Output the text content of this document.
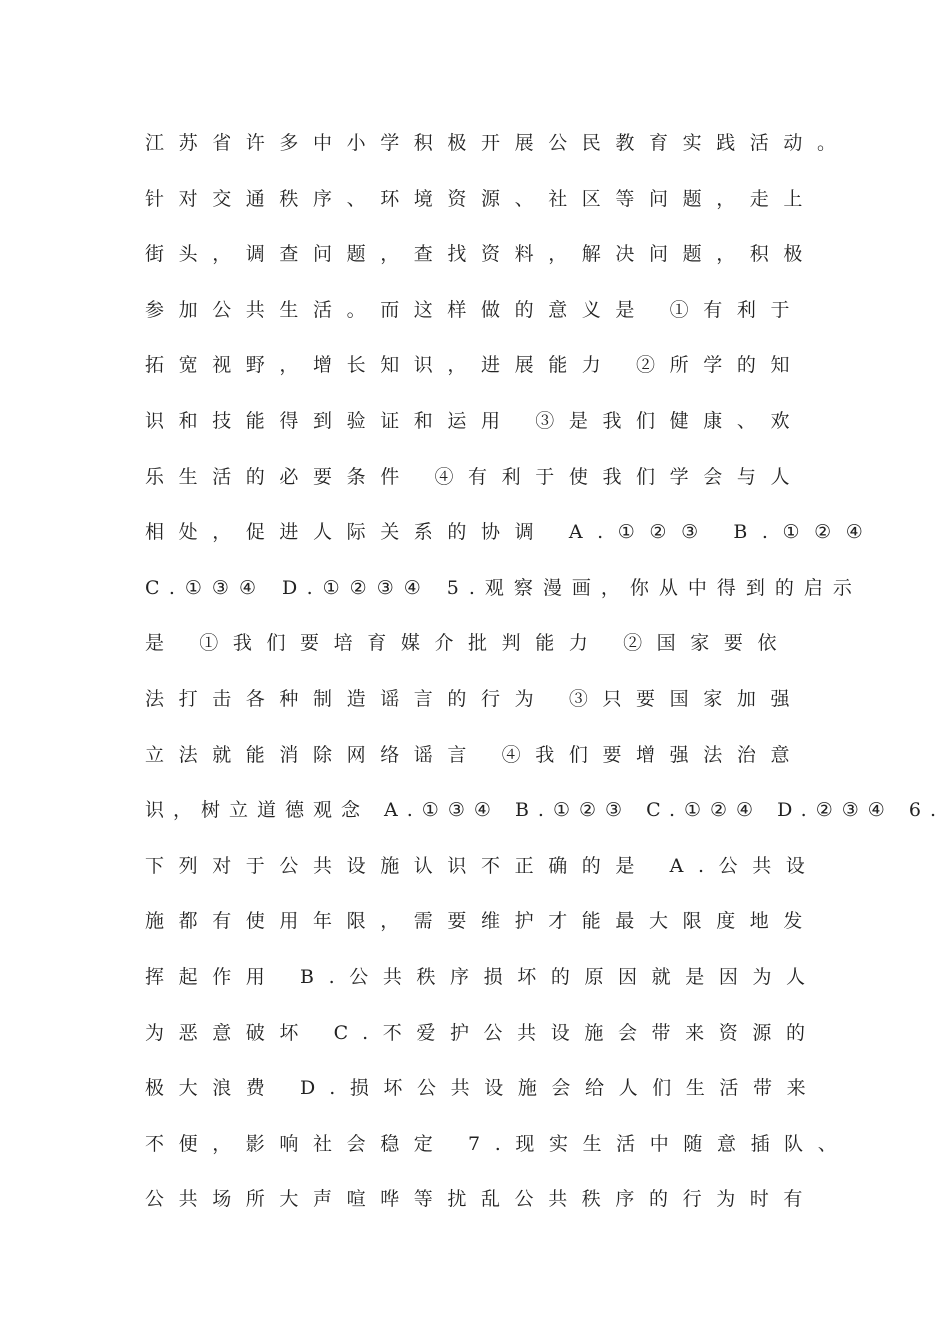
江苏省许多中小学积极开展公民教育实践活动。
针对交通秩序、环境资源、社区等问题，走上
街头，调查问题，查找资料，解决问题，积极
参加公共生活。而这样做的意义是 ①有利于
拓宽视野，增长知识，进展能力 ②所学的知
识和技能得到验证和运用 ③是我们健康、欢
乐生活的必要条件 ④有利于使我们学会与人
相处，促进人际关系的协调 A.①②③ B.①②④
C.①③④ D.①②③④ 5.观察漫画，你从中得到的启示
是 ①我们要培育媒介批判能力 ②国家要依
法打击各种制造谣言的行为 ③只要国家加强
立法就能消除网络谣言 ④我们要增强法治意
识，树立道德观念 A.①③④ B.①②③ C.①②④ D.②③④ 6.
下列对于公共设施认识不正确的是 A.公共设
施都有使用年限，需要维护才能最大限度地发
挥起作用 B.公共秩序损坏的原因就是因为人
为恶意破坏 C.不爱护公共设施会带来资源的
极大浪费 D.损坏公共设施会给人们生活带来
不便，影响社会稳定 7.现实生活中随意插队、
公共场所大声喧哗等扰乱公共秩序的行为时有
